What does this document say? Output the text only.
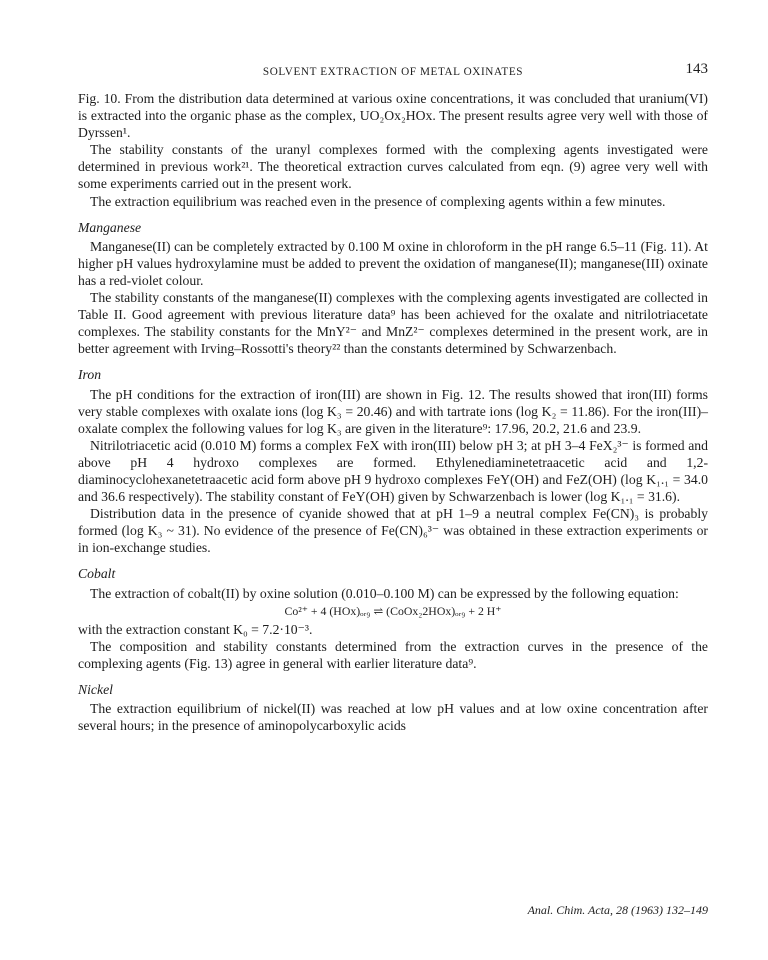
SOLVENT EXTRACTION OF METAL OXINATES	143

Fig. 10. From the distribution data determined at various oxine concentrations, it was concluded that uranium(VI) is extracted into the organic phase as the complex, UO₂Ox₂HOx. The present results agree very well with those of Dyrssen¹.

The stability constants of the uranyl complexes formed with the complexing agents investigated were determined in previous work²¹. The theoretical extraction curves calculated from eqn. (9) agree very well with some experiments carried out in the present work.

The extraction equilibrium was reached even in the presence of complexing agents within a few minutes.

Manganese

Manganese(II) can be completely extracted by 0.100 M oxine in chloroform in the pH range 6.5–11 (Fig. 11). At higher pH values hydroxylamine must be added to prevent the oxidation of manganese(II); manganese(III) oxinate has a red-violet colour.

The stability constants of the manganese(II) complexes with the complexing agents investigated are collected in Table II. Good agreement with previous literature data⁹ has been achieved for the oxalate and nitrilotriacetate complexes. The stability constants for the MnY²⁻ and MnZ²⁻ complexes determined in the present work, are in better agreement with Irving–Rossotti's theory²² than the constants determined by Schwarzenbach.

Iron

The pH conditions for the extraction of iron(III) are shown in Fig. 12. The results showed that iron(III) forms very stable complexes with oxalate ions (log K₃ = 20.46) and with tartrate ions (log K₂ = 11.86). For the iron(III)–oxalate complex the following values for log K₃ are given in the literature⁹: 17.96, 20.2, 21.6 and 23.9.

Nitrilotriacetic acid (0.010 M) forms a complex FeX with iron(III) below pH 3; at pH 3–4 FeX₂³⁻ is formed and above pH 4 hydroxo complexes are formed. Ethylenediaminetetraacetic acid and 1,2-diaminocyclohexanetetraacetic acid form above pH 9 hydroxo complexes FeY(OH) and FeZ(OH) (log K₁.₁ = 34.0 and 36.6 respectively). The stability constant of FeY(OH) given by Schwarzenbach is lower (log K₁.₁ = 31.6).

Distribution data in the presence of cyanide showed that at pH 1–9 a neutral complex Fe(CN)₃ is probably formed (log K₃ ~ 31). No evidence of the presence of Fe(CN)₆³⁻ was obtained in these extraction experiments or in ion-exchange studies.

Cobalt

The extraction of cobalt(II) by oxine solution (0.010–0.100 M) can be expressed by the following equation:

Co²⁺ + 4 (HOx)ₒᵣ₉ ⇌ (CoOx₂2HOx)ₒᵣ₉ + 2 H⁺

with the extraction constant K₀ = 7.2·10⁻³.

The composition and stability constants determined from the extraction curves in the presence of the complexing agents (Fig. 13) agree in general with earlier literature data⁹.

Nickel

The extraction equilibrium of nickel(II) was reached at low pH values and at low oxine concentration after several hours; in the presence of aminopolycarboxylic acids

Anal. Chim. Acta, 28 (1963) 132–149
